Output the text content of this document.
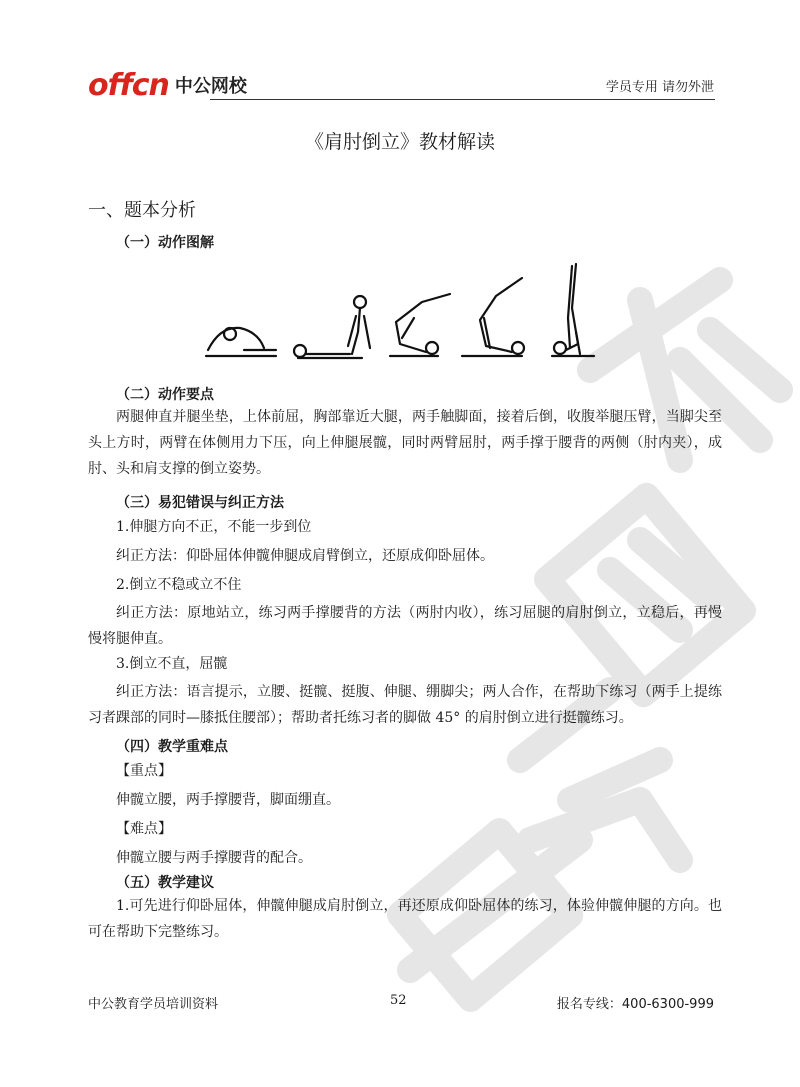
offcn 中公网校	学员专用 请勿外泄
《肩肘倒立》教材解读
一、题本分析
（一）动作图解
（二）动作要点
两腿伸直并腿坐垫，上体前屈，胸部靠近大腿，两手触脚面，接着后倒，收腹举腿压臂，当脚尖至头上方时，两臂在体侧用力下压，向上伸腿展髋，同时两臂屈肘，两手撑于腰背的两侧（肘内夹），成肘、头和肩支撑的倒立姿势。
（三）易犯错误与纠正方法
1.伸腿方向不正，不能一步到位
纠正方法：仰卧屈体伸髋伸腿成肩臂倒立，还原成仰卧屈体。
2.倒立不稳或立不住
纠正方法：原地站立，练习两手撑腰背的方法（两肘内收），练习屈腿的肩肘倒立，立稳后，再慢慢将腿伸直。
3.倒立不直，屈髋
纠正方法：语言提示，立腰、挺髋、挺腹、伸腿、绷脚尖；两人合作，在帮助下练习（两手上提练习者踝部的同时—膝抵住腰部）；帮助者托练习者的脚做 45° 的肩肘倒立进行挺髋练习。
（四）教学重难点
【重点】
伸髋立腰，两手撑腰背，脚面绷直。
【难点】
伸髋立腰与两手撑腰背的配合。
（五）教学建议
1.可先进行仰卧屈体，伸髋伸腿成肩肘倒立，再还原成仰卧屈体的练习，体验伸髋伸腿的方向。也可在帮助下完整练习。
中公教育学员培训资料	52	报名专线：400-6300-999
